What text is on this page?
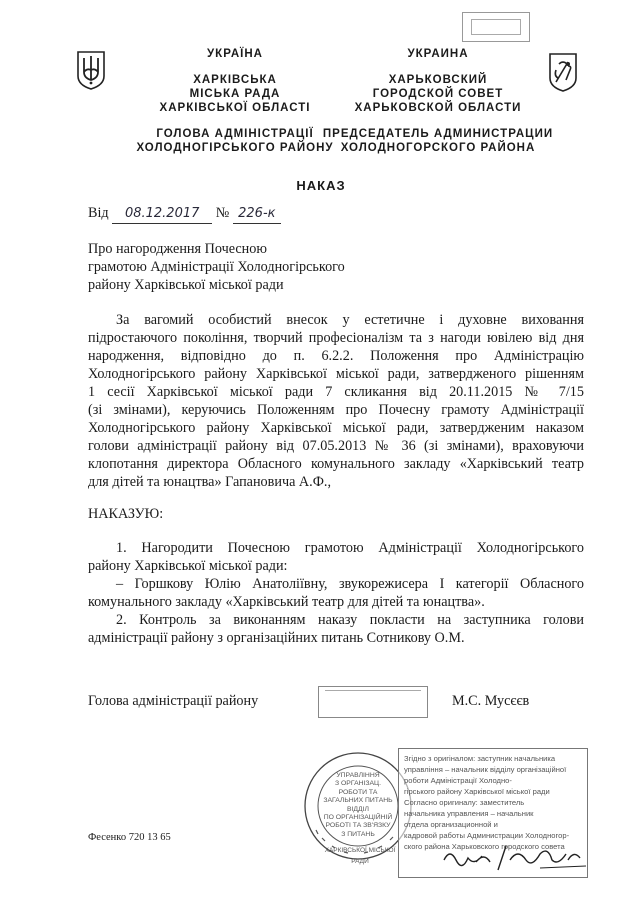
УКРАЇНА
ХАРКІВСЬКА
МІСЬКА РАДА
ХАРКІВСЬКОЇ ОБЛАСТІ
ГОЛОВА АДМІНІСТРАЦІЇ
ХОЛОДНОГІРСЬКОГО РАЙОНУ
УКРАИНА
ХАРЬКОВСКИЙ
ГОРОДСКОЙ СОВЕТ
ХАРЬКОВСКОЙ ОБЛАСТИ
ПРЕДСЕДАТЕЛЬ АДМИНИСТРАЦИИ
ХОЛОДНОГОРСКОГО РАЙОНА
НАКАЗ
Від 08.12.2017 № 226-к
Про нагородження Почесною
грамотою Адміністрації Холодногірського
району Харківської міської ради
За вагомий особистий внесок у естетичне і духовне виховання
підростаючого покоління, творчий професіоналізм та з нагоди ювілею від дня
народження, відповідно до п. 6.2.2. Положення про Адміністрацію
Холодногірського району Харківської міської ради, затвердженого рішенням
1 сесії Харківської міської ради 7 скликання від 20.11.2015 № 7/15
(зі змінами), керуючись Положенням про Почесну грамоту Адміністрації
Холодногірського району Харківської міської ради, затвердженим наказом
голови адміністрації району від 07.05.2013 № 36 (зі змінами), враховуючи
клопотання директора Обласного комунального закладу «Харківський театр
для дітей та юнацтва» Гапановича А.Ф.,
НАКАЗУЮ:
1. Нагородити Почесною грамотою Адміністрації Холодногірського
району Харківської міської ради:
– Горшкову Юлію Анатоліївну, звукорежисера І категорії Обласного
комунального закладу «Харківський театр для дітей та юнацтва».
2. Контроль за виконанням наказу покласти на заступника голови
адміністрації району з організаційних питань Сотникову О.М.
Голова адміністрації району	М.С. Мусєєв
УПРАВЛІННЯ
З ОРГАНІЗАЦ.
РОБОТИ ТА
ЗАГАЛЬНИХ ПИТАНЬ
ВІДДІЛ
ПО ОРГАНІЗАЦІЙНІЙ
РОБОТІ ТА ЗВ'ЯЗКУ
З ПИТАНЬ
ХАРКІВСЬКОЇ МІСЬКОЇ РАДИ
Згідно з оригіналом: заступник начальника
управління – начальник відділу організаційної
роботи Адміністрації Холодно-
гірського району Харківської міської ради
Согласно оригиналу: заместитель
начальника управления – начальник
отдела организационной и
кадровой работы Администрации Холодногор-
ского района Харьковского городского совета
Фесенко 720 13 65
